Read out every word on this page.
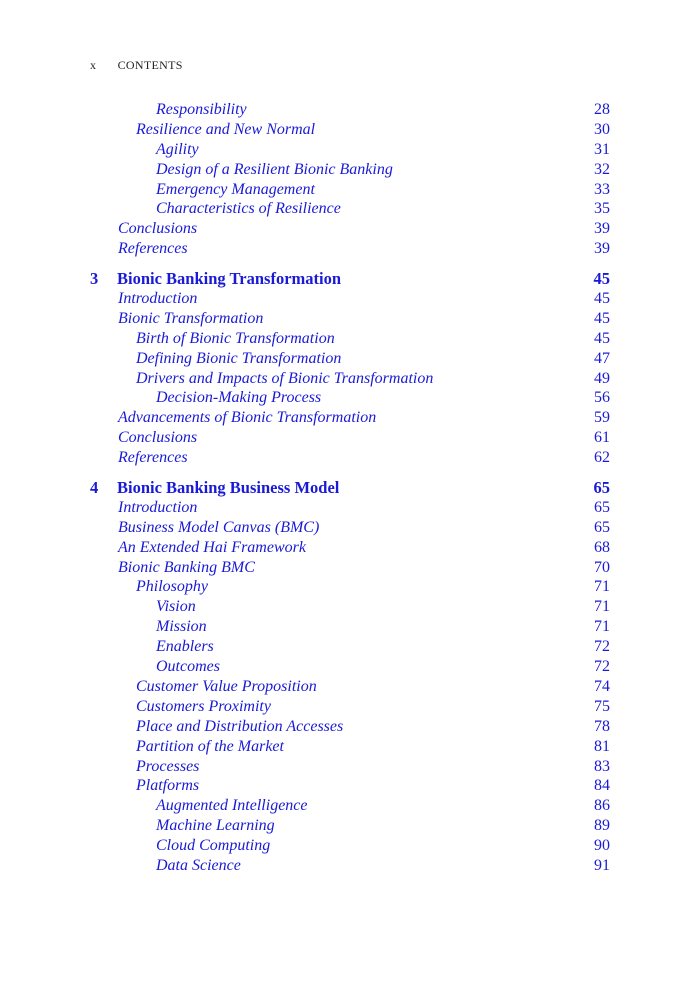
x CONTENTS
Responsibility	28
Resilience and New Normal	30
Agility	31
Design of a Resilient Bionic Banking	32
Emergency Management	33
Characteristics of Resilience	35
Conclusions	39
References	39
3 Bionic Banking Transformation	45
Introduction	45
Bionic Transformation	45
Birth of Bionic Transformation	45
Defining Bionic Transformation	47
Drivers and Impacts of Bionic Transformation	49
Decision-Making Process	56
Advancements of Bionic Transformation	59
Conclusions	61
References	62
4 Bionic Banking Business Model	65
Introduction	65
Business Model Canvas (BMC)	65
An Extended Hai Framework	68
Bionic Banking BMC	70
Philosophy	71
Vision	71
Mission	71
Enablers	72
Outcomes	72
Customer Value Proposition	74
Customers Proximity	75
Place and Distribution Accesses	78
Partition of the Market	81
Processes	83
Platforms	84
Augmented Intelligence	86
Machine Learning	89
Cloud Computing	90
Data Science	91
